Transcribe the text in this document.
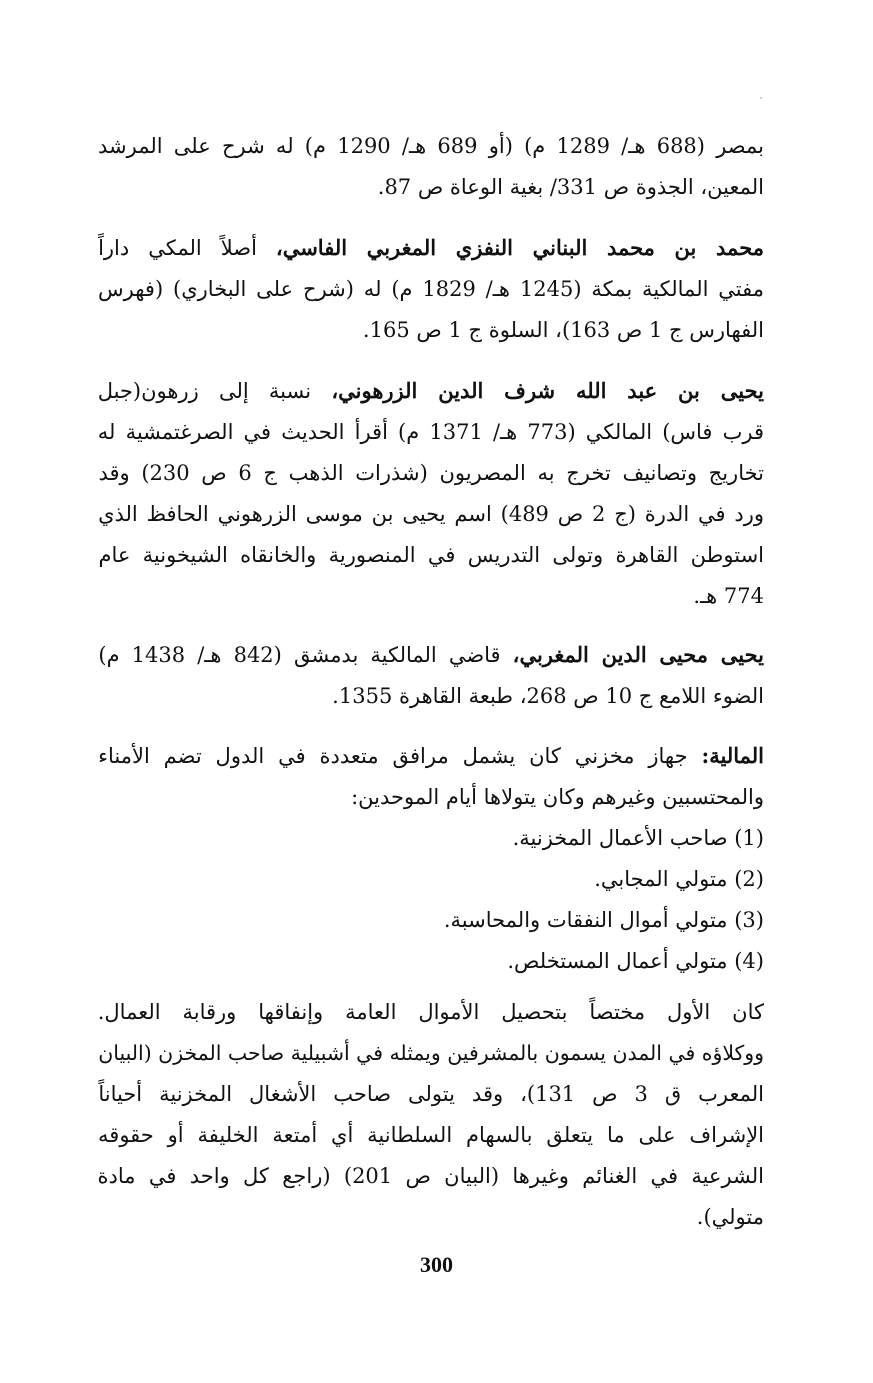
بمصر (688 هـ/ 1289 م) (أو 689 هـ/ 1290 م) له شرح على المرشد
المعين، الجذوة ص 331/ بغية الوعاة ص 87.
محمد بن محمد البناني النفزي المغربي الفاسي، أصلاً المكي داراً
مفتي المالكية بمكة (1245 هـ/ 1829 م) له (شرح على البخاري) (فهرس
الفهارس ج 1 ص 163)، السلوة ج 1 ص 165.
يحيى بن عبد الله شرف الدين الزرهوني، نسبة إلى زرهون(جبل
قرب فاس) المالكي (773 هـ/ 1371 م) أقرأ الحديث في الصرغتمشية له
تخاريج وتصانيف تخرج به المصريون (شذرات الذهب ج 6 ص 230) وقد
ورد في الدرة (ج 2 ص 489) اسم يحيى بن موسى الزرهوني الحافظ الذي
استوطن القاهرة وتولى التدريس في المنصورية والخانقاه الشيخونية عام
774 هـ.
يحيى محيى الدين المغربي، قاضي المالكية بدمشق (842 هـ/ 1438 م)
الضوء اللامع ج 10 ص 268، طبعة القاهرة 1355.
المالية: جهاز مخزني كان يشمل مرافق متعددة في الدول تضم الأمناء
والمحتسبين وغيرهم وكان يتولاها أيام الموحدين:
(1) صاحب الأعمال المخزنية.
(2) متولي المجابي.
(3) متولي أموال النفقات والمحاسبة.
(4) متولي أعمال المستخلص.
كان الأول مختصاً بتحصيل الأموال العامة وإنفاقها ورقابة العمال.
ووكلاؤه في المدن يسمون بالمشرفين ويمثله في أشبيلية صاحب المخزن (البيان
المعرب ق 3 ص 131)، وقد يتولى صاحب الأشغال المخزنية أحياناً
الإشراف على ما يتعلق بالسهام السلطانية أي أمتعة الخليفة أو حقوقه
الشرعية في الغنائم وغيرها (البيان ص 201) (راجع كل واحد في مادة
متولي).
300
